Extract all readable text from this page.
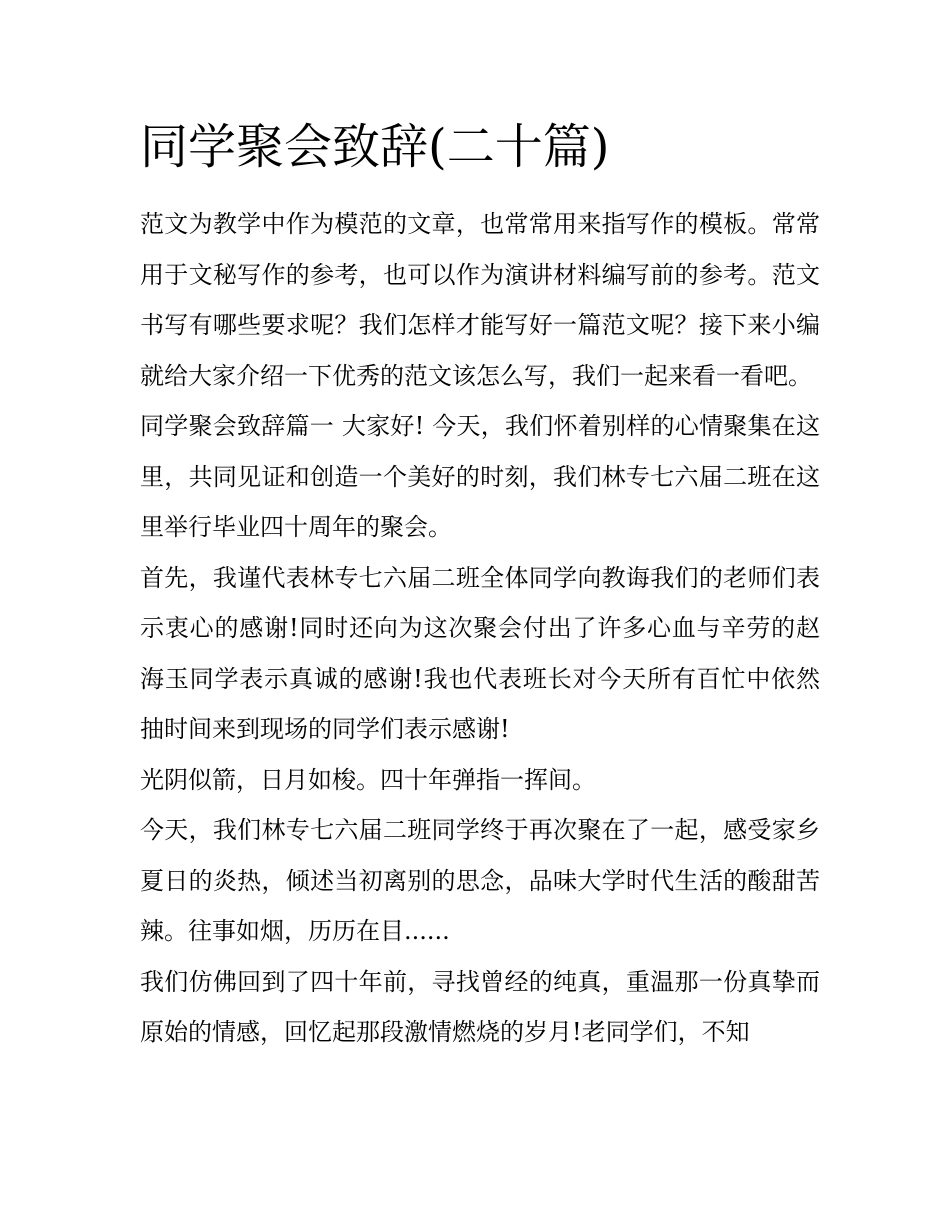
同学聚会致辞(二十篇)

范文为教学中作为模范的文章，也常常用来指写作的模板。常常用于文秘写作的参考，也可以作为演讲材料编写前的参考。范文书写有哪些要求呢？我们怎样才能写好一篇范文呢？接下来小编就给大家介绍一下优秀的范文该怎么写，我们一起来看一看吧。

同学聚会致辞篇一 大家好! 今天，我们怀着别样的心情聚集在这里，共同见证和创造一个美好的时刻，我们林专七六届二班在这里举行毕业四十周年的聚会。

首先，我谨代表林专七六届二班全体同学向教诲我们的老师们表示衷心的感谢!同时还向为这次聚会付出了许多心血与辛劳的赵海玉同学表示真诚的感谢!我也代表班长对今天所有百忙中依然抽时间来到现场的同学们表示感谢!

光阴似箭，日月如梭。四十年弹指一挥间。

今天，我们林专七六届二班同学终于再次聚在了一起，感受家乡夏日的炎热，倾述当初离别的思念，品味大学时代生活的酸甜苦辣。往事如烟，历历在目......

我们仿佛回到了四十年前，寻找曾经的纯真，重温那一份真挚而原始的情感，回忆起那段激情燃烧的岁月!老同学们，不知
